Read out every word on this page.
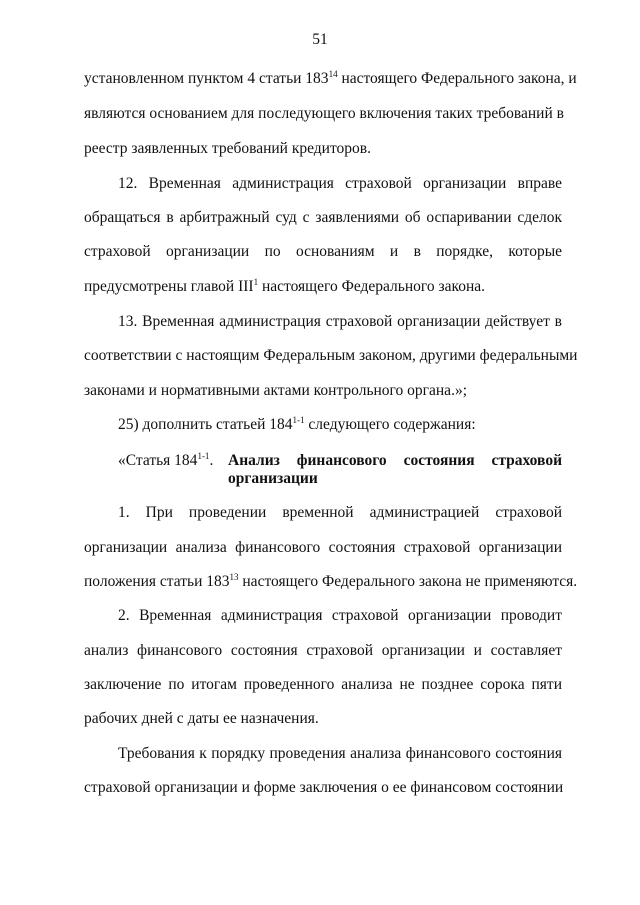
51
установленном пунктом 4 статьи $183^{14}$ настоящего Федерального закона, и
являются основанием для последующего включения таких требований в
реестр заявленных требований кредиторов.
12. Временная администрация страховой организации вправе
обращаться в арбитражный суд с заявлениями об оспаривании сделок
страховой организации по основаниям и в порядке, которые
предусмотрены главой III$^1$ настоящего Федерального закона.
13. Временная администрация страховой организации действует в
соответствии с настоящим Федеральным законом, другими федеральными
законами и нормативными актами контрольного органа.»;
25) дополнить статьей 184$^{1-1}$ следующего содержания:
«Статья 184$^{1-1}$. Анализ финансового состояния страховой
организации
1. При проведении временной администрацией страховой
организации анализа финансового состояния страховой организации
положения статьи $183^{13}$ настоящего Федерального закона не применяются.
2. Временная администрация страховой организации проводит
анализ финансового состояния страховой организации и составляет
заключение по итогам проведенного анализа не позднее сорока пяти
рабочих дней с даты ее назначения.
Требования к порядку проведения анализа финансового состояния
страховой организации и форме заключения о ее финансовом состоянии
